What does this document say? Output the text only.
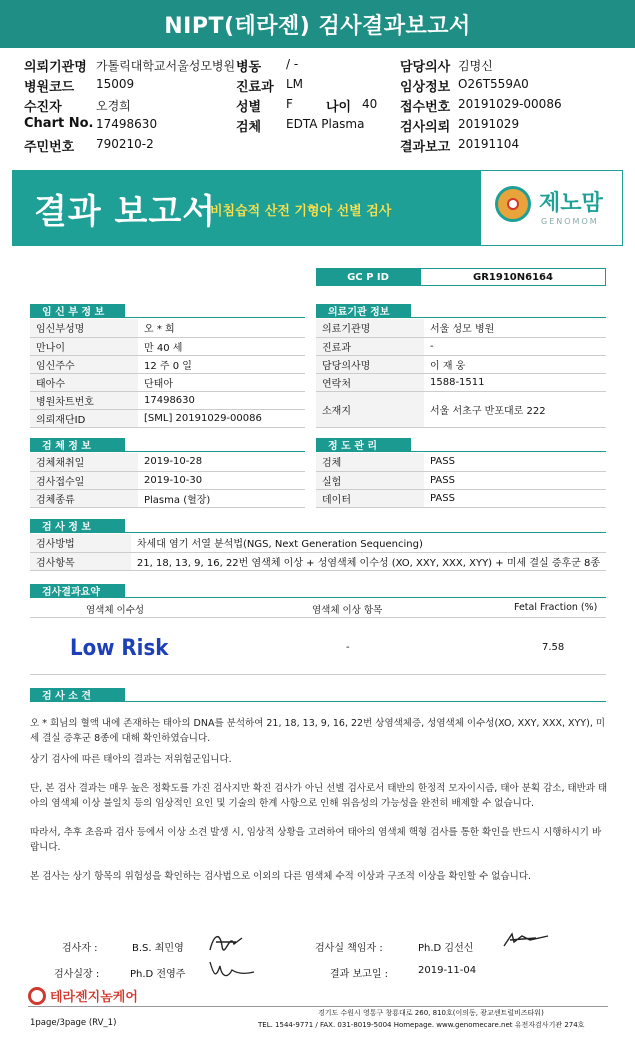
NIPT(테라젠) 검사결과보고서
의뢰기관명 가톨릭대학교서울성모병원 병동 / -	담당의사 김명신
병원코드 15009	진료과 LM	임상정보 O26T559A0
수진자	오경희	성별 F	나이 40 접수번호 20191029-00086
Chart No. 17498630	검체 EDTA Plasma	검사의뢰 20191029
주민번호 790210-2	결과보고 20191104
결과 보고서
비침습적 산전 기형아 선별 검사	제노맘
GENOMOM
GC P ID	GR1910N6164
임 신 부 정 보
임신부성명	오 * 희
만나이	만 40 세
임신주수	12 주 0 일
태아수	단태아
병원차트번호	17498630
의뢰재단ID	[SML] 20191029-00086
의료기관 정보
의료기관명	서울 성모 병원
진료과	-
담당의사명	이 재 웅
연락처	1588-1511
소재지	서울 서초구 반포대로 222
검 체 정 보
검체채취일	2019-10-28
검사접수일	2019-10-30
검체종류	Plasma (혈장)
정 도 관 리
검체	PASS
실험	PASS
데이터	PASS
검 사 정 보
검사방법	차세대 염기 서열 분석법(NGS, Next Generation Sequencing)
검사항목	21, 18, 13, 9, 16, 22번 염색체 이상 + 성염색체 이수성 (XO, XXY, XXX, XYY) + 미세 결실 증후군 8종
검사결과요약
염색체 이수성	염색체 이상 항목	Fetal Fraction (%)
Low Risk	-	7.58
검 사 소 견
오 * 희님의 혈액 내에 존재하는 태아의 DNA를 분석하여 21, 18, 13, 9, 16, 22번 상염색체증, 성염색체 이수성(XO, XXY, XXX, XYY), 미세 결실 증후군 8종에 대해 확인하였습니다.
상기 검사에 따른 태아의 결과는 저위험군입니다.
단, 본 검사 결과는 매우 높은 정확도를 가진 검사지만 확진 검사가 아닌 선별 검사로서 태반의 한정적 모자이시즘, 태아 분획 감소, 태반과 태아의 염색체 이상 불일치 등의 임상적인 요인 및 기술의 한계 사항으로 인해 위음성의 가능성을 완전히 배제할 수 없습니다.
따라서, 추후 초음파 검사 등에서 이상 소견 발생 시, 임상적 상황을 고려하여 태아의 염색체 핵형 검사를 통한 확인을 반드시 시행하시기 바랍니다.
본 검사는 상기 항목의 위험성을 확인하는 검사법으로 이외의 다른 염색체 수적 이상과 구조적 이상을 확인할 수 없습니다.
검사자 :	B.S. 최민영
검사실장 :	Ph.D 전영주
검사실 책임자 :	Ph.D 김선신
결과 보고일 :	2019-11-04
테라젠지놈케어
경기도 수원시 영통구 창룡대로 260, 810호(이의동, 광교센트럴비즈타워)
TEL. 1544-9771 / FAX. 031-8019-5004 Homepage. www.genomecare.net 유전자검사기관 274호
1page/3page (RV_1)
